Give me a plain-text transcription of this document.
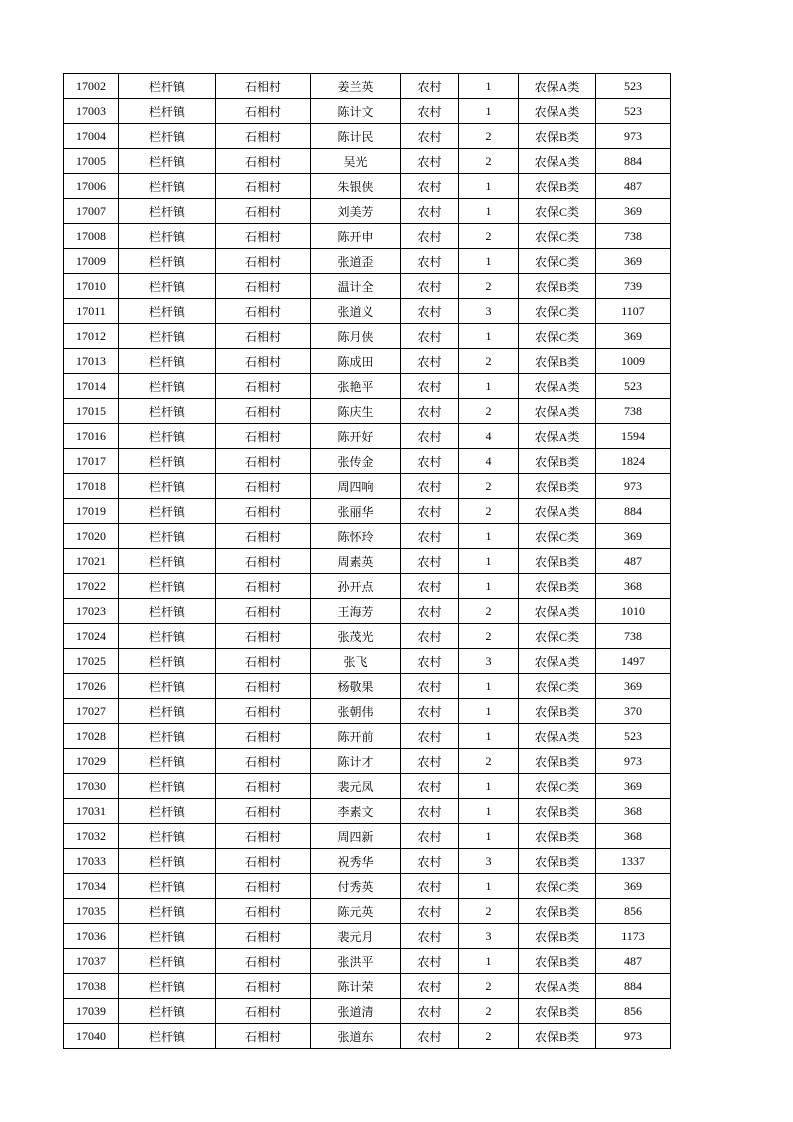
17002	栏杆镇	石相村	姜兰英	农村	1	农保A类	523
17003	栏杆镇	石相村	陈计文	农村	1	农保A类	523
17004	栏杆镇	石相村	陈计民	农村	2	农保B类	973
17005	栏杆镇	石相村	吴光	农村	2	农保A类	884
17006	栏杆镇	石相村	朱银侠	农村	1	农保B类	487
17007	栏杆镇	石相村	刘美芳	农村	1	农保C类	369
17008	栏杆镇	石相村	陈开申	农村	2	农保C类	738
17009	栏杆镇	石相村	张道歪	农村	1	农保C类	369
17010	栏杆镇	石相村	温计全	农村	2	农保B类	739
17011	栏杆镇	石相村	张道义	农村	3	农保C类	1107
17012	栏杆镇	石相村	陈月侠	农村	1	农保C类	369
17013	栏杆镇	石相村	陈成田	农村	2	农保B类	1009
17014	栏杆镇	石相村	张艳平	农村	1	农保A类	523
17015	栏杆镇	石相村	陈庆生	农村	2	农保A类	738
17016	栏杆镇	石相村	陈开好	农村	4	农保A类	1594
17017	栏杆镇	石相村	张传金	农村	4	农保B类	1824
17018	栏杆镇	石相村	周四响	农村	2	农保B类	973
17019	栏杆镇	石相村	张丽华	农村	2	农保A类	884
17020	栏杆镇	石相村	陈怀玲	农村	1	农保C类	369
17021	栏杆镇	石相村	周素英	农村	1	农保B类	487
17022	栏杆镇	石相村	孙开点	农村	1	农保B类	368
17023	栏杆镇	石相村	王海芳	农村	2	农保A类	1010
17024	栏杆镇	石相村	张茂光	农村	2	农保C类	738
17025	栏杆镇	石相村	张飞	农村	3	农保A类	1497
17026	栏杆镇	石相村	杨敬果	农村	1	农保C类	369
17027	栏杆镇	石相村	张朝伟	农村	1	农保B类	370
17028	栏杆镇	石相村	陈开前	农村	1	农保A类	523
17029	栏杆镇	石相村	陈计才	农村	2	农保B类	973
17030	栏杆镇	石相村	裴元凤	农村	1	农保C类	369
17031	栏杆镇	石相村	李素文	农村	1	农保B类	368
17032	栏杆镇	石相村	周四新	农村	1	农保B类	368
17033	栏杆镇	石相村	祝秀华	农村	3	农保B类	1337
17034	栏杆镇	石相村	付秀英	农村	1	农保C类	369
17035	栏杆镇	石相村	陈元英	农村	2	农保B类	856
17036	栏杆镇	石相村	裴元月	农村	3	农保B类	1173
17037	栏杆镇	石相村	张洪平	农村	1	农保B类	487
17038	栏杆镇	石相村	陈计荣	农村	2	农保A类	884
17039	栏杆镇	石相村	张道清	农村	2	农保B类	856
17040	栏杆镇	石相村	张道东	农村	2	农保B类	973
